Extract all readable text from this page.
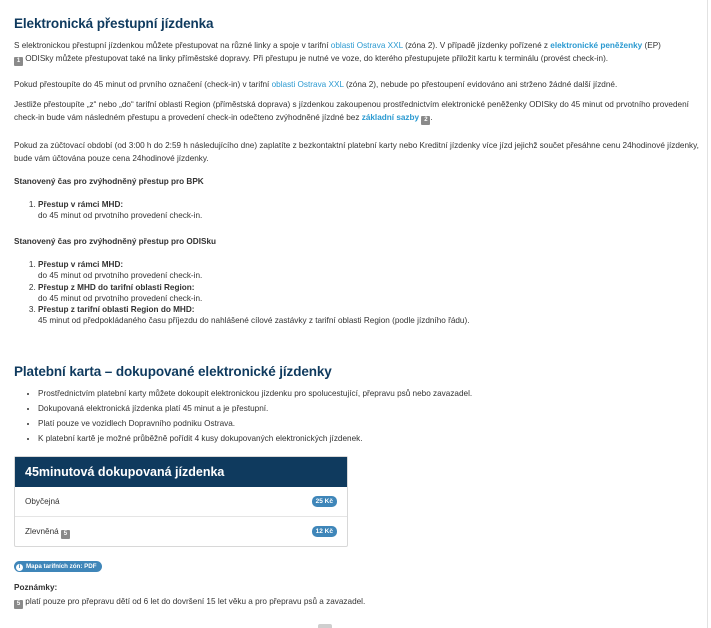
Elektronická přestupní jízdenka

S elektronickou přestupní jízdenkou můžete přestupovat na různé linky a spoje v tarifní oblasti Ostrava XXL (zóna 2). V případě jízdenky pořízené z elektronické peněženky (EP)
1 ODISky můžete přestupovat také na linky příměstské dopravy. Při přestupu je nutné ve voze, do kterého přestupujete přiložit kartu k terminálu (provést check-in).

Pokud přestoupíte do 45 minut od prvního označení (check-in) v tarifní oblasti Ostrava XXL (zóna 2), nebude po přestoupení evidováno ani strženo žádné další jízdné.

Jestliže přestoupíte „z“ nebo „do“ tarifní oblasti Region (příměstská doprava) s jízdenkou zakoupenou prostřednictvím elektronické peněženky ODISky do 45 minut od prvotního provedení check-in bude vám následném přestupu a provedení check-in odečteno zvýhodněné jízdné bez základní sazby 2 .

Pokud za zúčtovací období (od 3:00 h do 2:59 h následujícího dne) zaplatíte z bezkontaktní platební karty nebo Kreditní jízdenky více jízd jejichž součet přesáhne cenu 24hodinové jízdenky, bude vám účtována pouze cena 24hodinové jízdenky.

Stanovený čas pro zvýhodněný přestup pro BPK

1. Přestup v rámci MHD:
do 45 minut od prvotního provedení check-in.

Stanovený čas pro zvýhodněný přestup pro ODISku

1. Přestup v rámci MHD:
do 45 minut od prvotního provedení check-in.
2. Přestup z MHD do tarifní oblasti Region:
do 45 minut od prvotního provedení check-in.
3. Přestup z tarifní oblasti Region do MHD:
45 minut od předpokládaného času příjezdu do nahlášené cílové zastávky z tarifní oblasti Region (podle jízdního řádu).
Platební karta – dokupované elektronické jízdenky
• Prostřednictvím platební karty můžete dokoupit elektronickou jízdenku pro spolucestující, přepravu psů nebo zavazadel.
• Dokupovaná elektronická jízdenka platí 45 minut a je přestupní.
• Platí pouze ve vozidlech Dopravního podniku Ostrava.
• K platební kartě je možné průběžně pořídit 4 kusy dokupovaných elektronických jízdenek.
45minutová dokupovaná jízdenka
Obyčejná	25 Kč
Zlevněná 5	12 Kč
i Mapa tarifních zón: PDF

Poznámky:

5 platí pouze pro přepravu dětí od 6 let do dovršení 15 let věku a pro přepravu psů a zavazadel.
